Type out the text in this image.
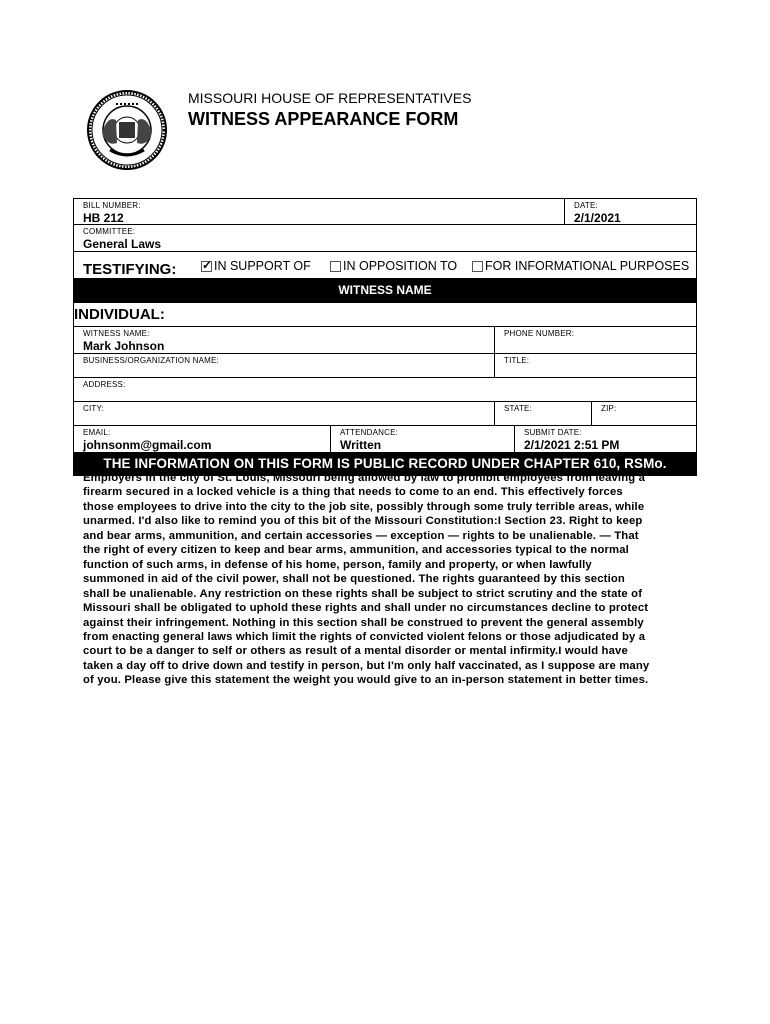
MISSOURI HOUSE OF REPRESENTATIVES
WITNESS APPEARANCE FORM
BILL NUMBER:
HB 212
DATE:
2/1/2021
COMMITTEE:
General Laws
TESTIFYING: ✓ IN SUPPORT OF	IN OPPOSITION TO FOR INFORMATIONAL PURPOSES
WITNESS NAME
INDIVIDUAL:
WITNESS NAME:
Mark Johnson
PHONE NUMBER:
BUSINESS/ORGANIZATION NAME:	TITLE:
ADDRESS:
CITY:	STATE:	ZIP:
EMAIL:
johnsonm@gmail.com
ATTENDANCE:
Written
SUBMIT DATE:
2/1/2021 2:51 PM
THE INFORMATION ON THIS FORM IS PUBLIC RECORD UNDER CHAPTER 610, RSMo.
Employers in the city of St. Louis, Missouri being allowed by law to prohibit employees from leaving a
firearm secured in a locked vehicle is a thing that needs to come to an end. This effectively forces
those employees to drive into the city to the job site, possibly through some truly terrible areas, while
unarmed. I'd also like to remind you of this bit of the Missouri Constitution:I Section 23. Right to keep
and bear arms, ammunition, and certain accessories — exception — rights to be unalienable. — That
the right of every citizen to keep and bear arms, ammunition, and accessories typical to the normal
function of such arms, in defense of his home, person, family and property, or when lawfully
summoned in aid of the civil power, shall not be questioned. The rights guaranteed by this section
shall be unalienable. Any restriction on these rights shall be subject to strict scrutiny and the state of
Missouri shall be obligated to uphold these rights and shall under no circumstances decline to protect
against their infringement. Nothing in this section shall be construed to prevent the general assembly
from enacting general laws which limit the rights of convicted violent felons or those adjudicated by a
court to be a danger to self or others as result of a mental disorder or mental infirmity.I would have
taken a day off to drive down and testify in person, but I'm only half vaccinated, as I suppose are many
of you. Please give this statement the weight you would give to an in-person statement in better times.
